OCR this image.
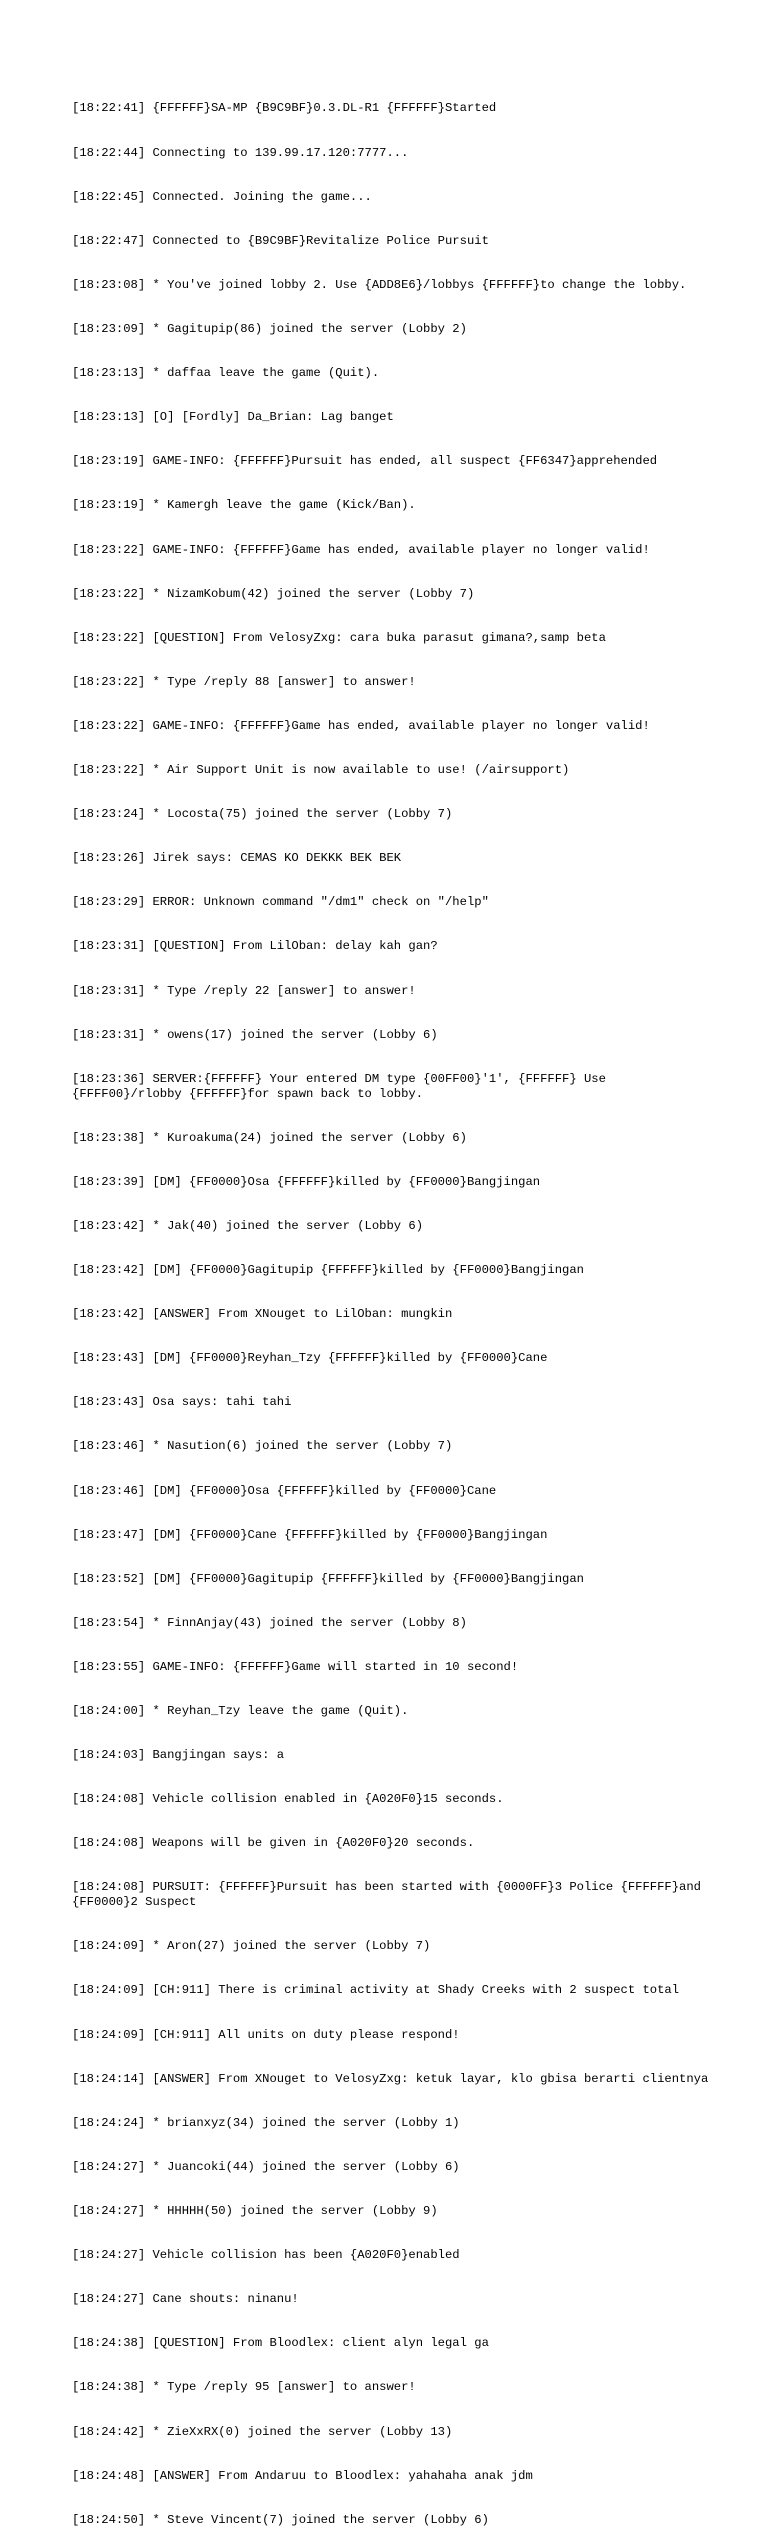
[18:22:41] {FFFFFF}SA-MP {B9C9BF}0.3.DL-R1 {FFFFFF}Started

[18:22:44] Connecting to 139.99.17.120:7777...

[18:22:45] Connected. Joining the game...

[18:22:47] Connected to {B9C9BF}Revitalize Police Pursuit

[18:23:08] * You've joined lobby 2. Use {ADD8E6}/lobbys {FFFFFF}to change the lobby.

[18:23:09] * Gagitupip(86) joined the server (Lobby 2)

[18:23:13] * daffaa leave the game (Quit).

[18:23:13] [O] [Fordly] Da_Brian: Lag banget

[18:23:19] GAME-INFO: {FFFFFF}Pursuit has ended, all suspect {FF6347}apprehended

[18:23:19] * Kamergh leave the game (Kick/Ban).

[18:23:22] GAME-INFO: {FFFFFF}Game has ended, available player no longer valid!

[18:23:22] * NizamKobum(42) joined the server (Lobby 7)

[18:23:22] [QUESTION] From VelosyZxg: cara buka parasut gimana?,samp beta

[18:23:22] * Type /reply 88 [answer] to answer!

[18:23:22] GAME-INFO: {FFFFFF}Game has ended, available player no longer valid!

[18:23:22] * Air Support Unit is now available to use! (/airsupport)

[18:23:24] * Locosta(75) joined the server (Lobby 7)

[18:23:26] Jirek says: CEMAS KO DEKKK BEK BEK

[18:23:29] ERROR: Unknown command "/dm1" check on "/help"

[18:23:31] [QUESTION] From LilOban: delay kah gan?

[18:23:31] * Type /reply 22 [answer] to answer!

[18:23:31] * owens(17) joined the server (Lobby 6)

[18:23:36] SERVER:{FFFFFF} Your entered DM type {00FF00}'1', {FFFFFF} Use {FFFF00}/rlobby {FFFFFF}for spawn back to lobby.

[18:23:38] * Kuroakuma(24) joined the server (Lobby 6)

[18:23:39] [DM] {FF0000}Osa {FFFFFF}killed by {FF0000}Bangjingan

[18:23:42] * Jak(40) joined the server (Lobby 6)

[18:23:42] [DM] {FF0000}Gagitupip {FFFFFF}killed by {FF0000}Bangjingan

[18:23:42] [ANSWER] From XNouget to LilOban: mungkin

[18:23:43] [DM] {FF0000}Reyhan_Tzy {FFFFFF}killed by {FF0000}Cane

[18:23:43] Osa says: tahi tahi

[18:23:46] * Nasution(6) joined the server (Lobby 7)

[18:23:46] [DM] {FF0000}Osa {FFFFFF}killed by {FF0000}Cane

[18:23:47] [DM] {FF0000}Cane {FFFFFF}killed by {FF0000}Bangjingan

[18:23:52] [DM] {FF0000}Gagitupip {FFFFFF}killed by {FF0000}Bangjingan

[18:23:54] * FinnAnjay(43) joined the server (Lobby 8)

[18:23:55] GAME-INFO: {FFFFFF}Game will started in 10 second!

[18:24:00] * Reyhan_Tzy leave the game (Quit).

[18:24:03] Bangjingan says: a

[18:24:08] Vehicle collision enabled in {A020F0}15 seconds.

[18:24:08] Weapons will be given in {A020F0}20 seconds.

[18:24:08] PURSUIT: {FFFFFF}Pursuit has been started with {0000FF}3 Police {FFFFFF}and {FF0000}2 Suspect

[18:24:09] * Aron(27) joined the server (Lobby 7)

[18:24:09] [CH:911] There is criminal activity at Shady Creeks with 2 suspect total

[18:24:09] [CH:911] All units on duty please respond!

[18:24:14] [ANSWER] From XNouget to VelosyZxg: ketuk layar, klo gbisa berarti clientnya

[18:24:24] * brianxyz(34) joined the server (Lobby 1)

[18:24:27] * Juancoki(44) joined the server (Lobby 6)

[18:24:27] * HHHHH(50) joined the server (Lobby 9)

[18:24:27] Vehicle collision has been {A020F0}enabled

[18:24:27] Cane shouts: ninanu!

[18:24:38] [QUESTION] From Bloodlex: client alyn legal ga

[18:24:38] * Type /reply 95 [answer] to answer!

[18:24:42] * ZieXxRX(0) joined the server (Lobby 13)

[18:24:48] [ANSWER] From Andaruu to Bloodlex: yahahaha anak jdm

[18:24:50] * Steve Vincent(7) joined the server (Lobby 6)
